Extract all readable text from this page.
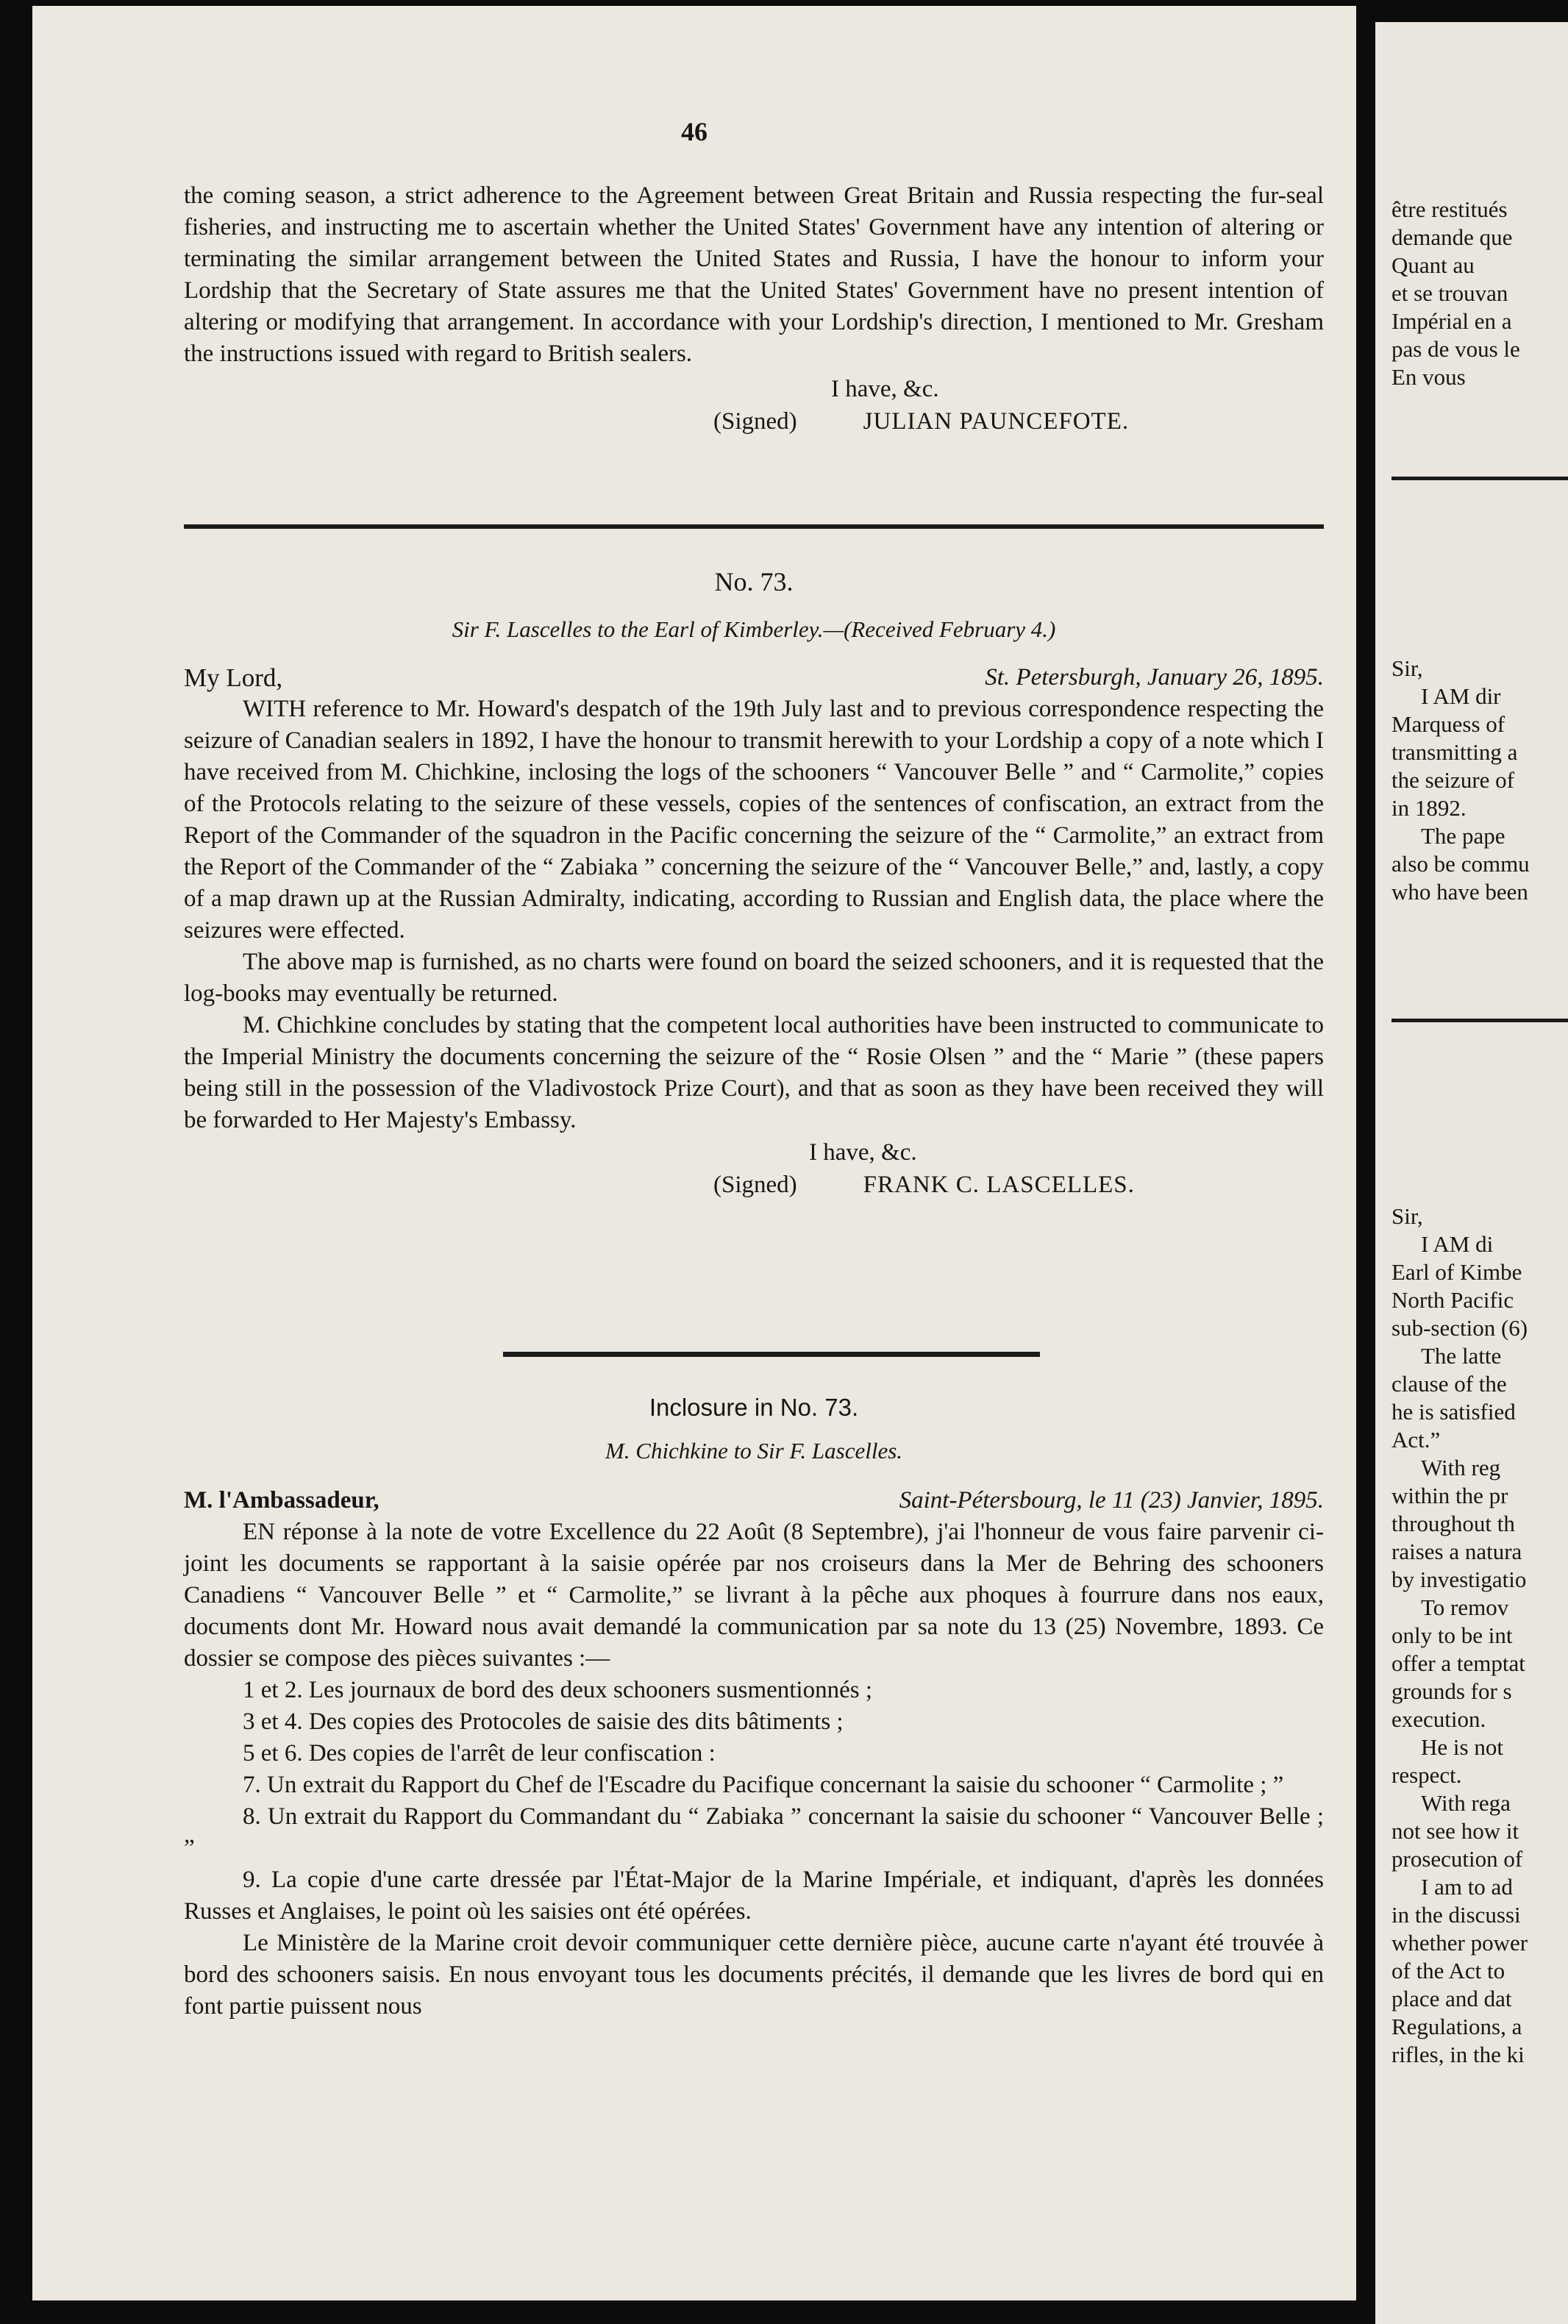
46

the coming season, a strict adherence to the Agreement between Great Britain and Russia respecting the fur-seal fisheries, and instructing me to ascertain whether the United States' Government have any intention of altering or terminating the similar arrangement between the United States and Russia, I have the honour to inform your Lordship that the Secretary of State assures me that the United States' Government have no present intention of altering or modifying that arrangement. In accordance with your Lordship's direction, I mentioned to Mr. Gresham the instructions issued with regard to British sealers.

I have, &c.
(Signed)	JULIAN PAUNCEFOTE.
No. 73.
Sir F. Lascelles to the Earl of Kimberley.—(Received February 4.)
My Lord,	St. Petersburgh, January 26, 1895.

WITH reference to Mr. Howard's despatch of the 19th July last and to previous correspondence respecting the seizure of Canadian sealers in 1892, I have the honour to transmit herewith to your Lordship a copy of a note which I have received from M. Chichkine, inclosing the logs of the schooners “ Vancouver Belle ” and “ Carmolite,” copies of the Protocols relating to the seizure of these vessels, copies of the sentences of confiscation, an extract from the Report of the Commander of the squadron in the Pacific concerning the seizure of the “ Carmolite,” an extract from the Report of the Commander of the “ Zabiaka ” concerning the seizure of the “ Vancouver Belle,” and, lastly, a copy of a map drawn up at the Russian Admiralty, indicating, according to Russian and English data, the place where the seizures were effected.

The above map is furnished, as no charts were found on board the seized schooners, and it is requested that the log-books may eventually be returned.

M. Chichkine concludes by stating that the competent local authorities have been instructed to communicate to the Imperial Ministry the documents concerning the seizure of the “ Rosie Olsen ” and the “ Marie ” (these papers being still in the possession of the Vladivostock Prize Court), and that as soon as they have been received they will be forwarded to Her Majesty's Embassy.

I have, &c.
(Signed)	FRANK C. LASCELLES.
Inclosure in No. 73.
M. Chichkine to Sir F. Lascelles.
M. l'Ambassadeur,	Saint-Pétersbourg, le 11 (23) Janvier, 1895.

EN réponse à la note de votre Excellence du 22 Août (8 Septembre), j'ai l'honneur de vous faire parvenir ci-joint les documents se rapportant à la saisie opérée par nos croiseurs dans la Mer de Behring des schooners Canadiens “ Vancouver Belle ” et “ Carmolite,” se livrant à la pêche aux phoques à fourrure dans nos eaux, documents dont Mr. Howard nous avait demandé la communication par sa note du 13 (25) Novembre, 1893. Ce dossier se compose des pièces suivantes :—

1 et 2. Les journaux de bord des deux schooners susmentionnés ;
3 et 4. Des copies des Protocoles de saisie des dits bâtiments ;
5 et 6. Des copies de l'arrêt de leur confiscation :
7. Un extrait du Rapport du Chef de l'Escadre du Pacifique concernant la saisie du schooner “ Carmolite ; ”
8. Un extrait du Rapport du Commandant du “ Zabiaka ” concernant la saisie du schooner “ Vancouver Belle ; ”
9. La copie d'une carte dressée par l'État-Major de la Marine Impériale, et indiquant, d'après les données Russes et Anglaises, le point où les saisies ont été opérées.

Le Ministère de la Marine croit devoir communiquer cette dernière pièce, aucune carte n'ayant été trouvée à bord des schooners saisis. En nous envoyant tous les documents précités, il demande que les livres de bord qui en font partie puissent nous

être restitués
demande que
Quant au
et se trouvan
Impérial en a
pas de vous le
En vous
Sir,
I AM dir
Marquess of
transmitting a
the seizure of
in 1892.
The pape
also be commu
who have been
Sir,
I AM di
Earl of Kimbe
North Pacific
sub-section (6)
The latte
clause of the
he is satisfied
Act.”
With reg
within the pr
throughout th
raises a natura
by investigatio
To remov
only to be int
offer a temptat
grounds for s
execution.
He is not
respect.
With rega
not see how it
prosecution of
I am to ad
in the discussi
whether power
of the Act to
place and dat
Regulations, a
rifles, in the ki
